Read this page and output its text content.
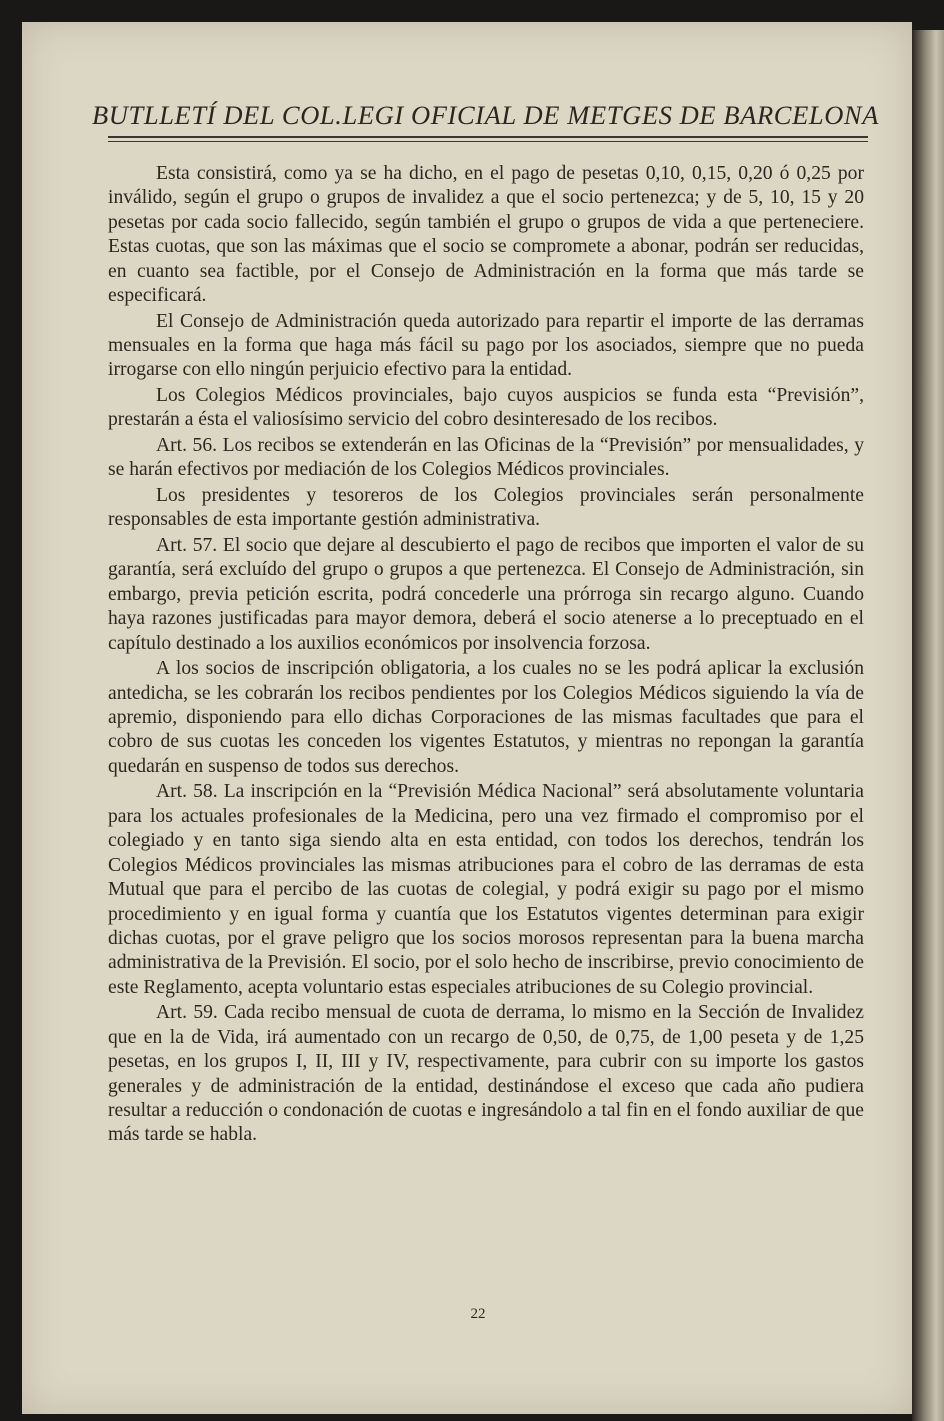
BUTLLETÍ DEL COL.LEGI OFICIAL DE METGES DE BARCELONA

Esta consistirá, como ya se ha dicho, en el pago de pesetas 0,10, 0,15, 0,20 ó 0,25 por inválido, según el grupo o grupos de invalidez a que el socio pertenezca; y de 5, 10, 15 y 20 pesetas por cada socio fallecido, según también el grupo o grupos de vida a que perteneciere. Estas cuotas, que son las máximas que el socio se compromete a abonar, podrán ser reducidas, en cuanto sea factible, por el Consejo de Administración en la forma que más tarde se especificará.

El Consejo de Administración queda autorizado para repartir el importe de las derramas mensuales en la forma que haga más fácil su pago por los asociados, siempre que no pueda irrogarse con ello ningún perjuicio efectivo para la entidad.

Los Colegios Médicos provinciales, bajo cuyos auspicios se funda esta “Previsión”, prestarán a ésta el valiosísimo servicio del cobro desinteresado de los recibos.

Art. 56. Los recibos se extenderán en las Oficinas de la “Previsión” por mensualidades, y se harán efectivos por mediación de los Colegios Médicos provinciales.

Los presidentes y tesoreros de los Colegios provinciales serán personalmente responsables de esta importante gestión administrativa.

Art. 57. El socio que dejare al descubierto el pago de recibos que importen el valor de su garantía, será excluído del grupo o grupos a que pertenezca. El Consejo de Administración, sin embargo, previa petición escrita, podrá concederle una prórroga sin recargo alguno. Cuando haya razones justificadas para mayor demora, deberá el socio atenerse a lo preceptuado en el capítulo destinado a los auxilios económicos por insolvencia forzosa.

A los socios de inscripción obligatoria, a los cuales no se les podrá aplicar la exclusión antedicha, se les cobrarán los recibos pendientes por los Colegios Médicos siguiendo la vía de apremio, disponiendo para ello dichas Corporaciones de las mismas facultades que para el cobro de sus cuotas les conceden los vigentes Estatutos, y mientras no repongan la garantía quedarán en suspenso de todos sus derechos.

Art. 58. La inscripción en la “Previsión Médica Nacional” será absolutamente voluntaria para los actuales profesionales de la Medicina, pero una vez firmado el compromiso por el colegiado y en tanto siga siendo alta en esta entidad, con todos los derechos, tendrán los Colegios Médicos provinciales las mismas atribuciones para el cobro de las derramas de esta Mutual que para el percibo de las cuotas de colegial, y podrá exigir su pago por el mismo procedimiento y en igual forma y cuantía que los Estatutos vigentes determinan para exigir dichas cuotas, por el grave peligro que los socios morosos representan para la buena marcha administrativa de la Previsión. El socio, por el solo hecho de inscribirse, previo conocimiento de este Reglamento, acepta voluntario estas especiales atribuciones de su Colegio provincial.

Art. 59. Cada recibo mensual de cuota de derrama, lo mismo en la Sección de Invalidez que en la de Vida, irá aumentado con un recargo de 0,50, de 0,75, de 1,00 peseta y de 1,25 pesetas, en los grupos I, II, III y IV, respectivamente, para cubrir con su importe los gastos generales y de administración de la entidad, destinándose el exceso que cada año pudiera resultar a reducción o condonación de cuotas e ingresándolo a tal fin en el fondo auxiliar de que más tarde se habla.

22
